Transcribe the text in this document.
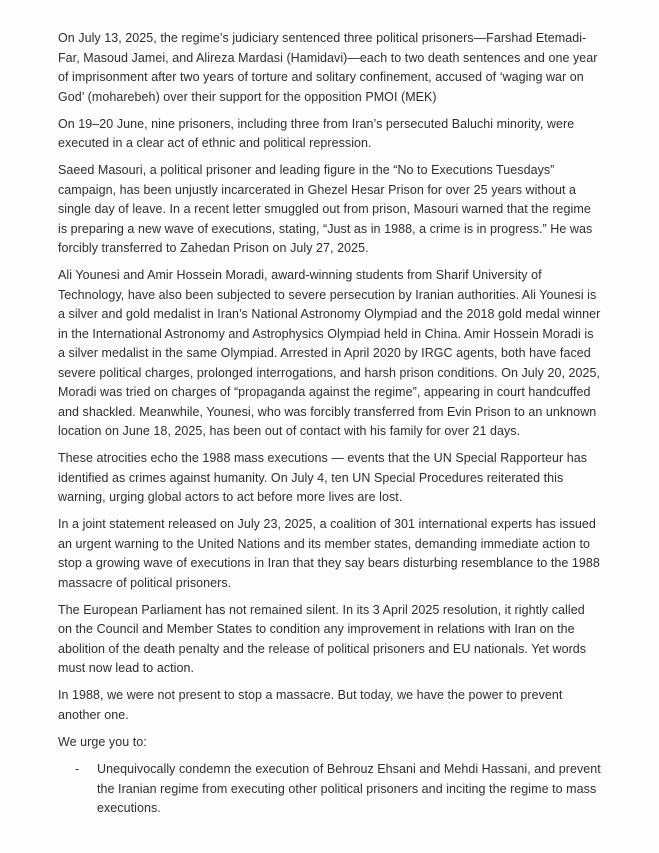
On July 13, 2025, the regime’s judiciary sentenced three political prisoners—Farshad Etemadi-Far, Masoud Jamei, and Alireza Mardasi (Hamidavi)—each to two death sentences and one year of imprisonment after two years of torture and solitary confinement, accused of ‘waging war on God’ (moharebeh) over their support for the opposition PMOI (MEK)

On 19–20 June, nine prisoners, including three from Iran’s persecuted Baluchi minority, were executed in a clear act of ethnic and political repression.

Saeed Masouri, a political prisoner and leading figure in the “No to Executions Tuesdays” campaign, has been unjustly incarcerated in Ghezel Hesar Prison for over 25 years without a single day of leave. In a recent letter smuggled out from prison, Masouri warned that the regime is preparing a new wave of executions, stating, “Just as in 1988, a crime is in progress.” He was forcibly transferred to Zahedan Prison on July 27, 2025.

Ali Younesi and Amir Hossein Moradi, award-winning students from Sharif University of Technology, have also been subjected to severe persecution by Iranian authorities. Ali Younesi is a silver and gold medalist in Iran’s National Astronomy Olympiad and the 2018 gold medal winner in the International Astronomy and Astrophysics Olympiad held in China. Amir Hossein Moradi is a silver medalist in the same Olympiad. Arrested in April 2020 by IRGC agents, both have faced severe political charges, prolonged interrogations, and harsh prison conditions. On July 20, 2025, Moradi was tried on charges of “propaganda against the regime”, appearing in court handcuffed and shackled. Meanwhile, Younesi, who was forcibly transferred from Evin Prison to an unknown location on June 18, 2025, has been out of contact with his family for over 21 days.

These atrocities echo the 1988 mass executions — events that the UN Special Rapporteur has identified as crimes against humanity. On July 4, ten UN Special Procedures reiterated this warning, urging global actors to act before more lives are lost.

In a joint statement released on July 23, 2025, a coalition of 301 international experts has issued an urgent warning to the United Nations and its member states, demanding immediate action to stop a growing wave of executions in Iran that they say bears disturbing resemblance to the 1988 massacre of political prisoners.

The European Parliament has not remained silent. In its 3 April 2025 resolution, it rightly called on the Council and Member States to condition any improvement in relations with Iran on the abolition of the death penalty and the release of political prisoners and EU nationals. Yet words must now lead to action.

In 1988, we were not present to stop a massacre. But today, we have the power to prevent another one.

We urge you to:

-	Unequivocally condemn the execution of Behrouz Ehsani and Mehdi Hassani, and prevent the Iranian regime from executing other political prisoners and inciting the regime to mass executions.
